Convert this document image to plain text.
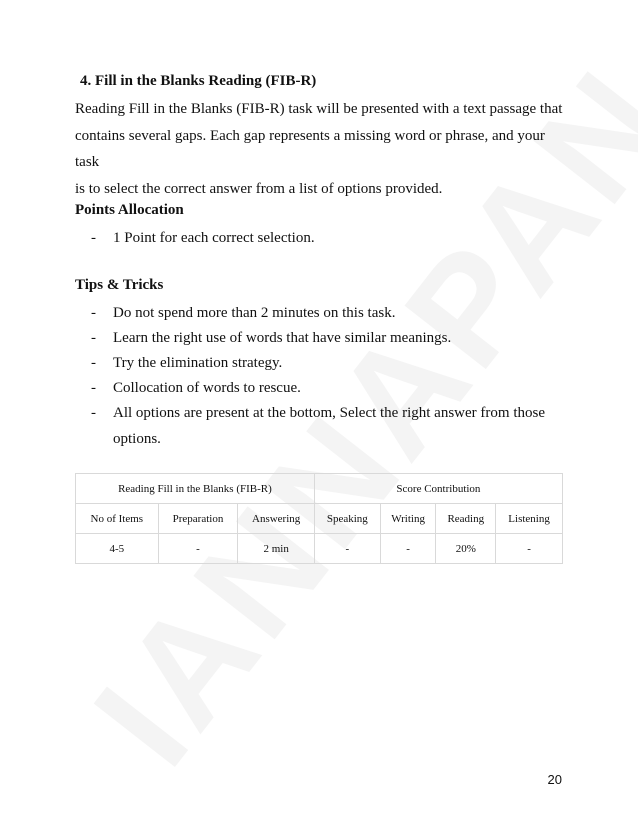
4. Fill in the Blanks Reading (FIB-R)
Reading Fill in the Blanks (FIB-R) task will be presented with a text passage that
contains several gaps. Each gap represents a missing word or phrase, and your task
is to select the correct answer from a list of options provided.
Points Allocation
- 1 Point for each correct selection.
Tips & Tricks
- Do not spend more than 2 minutes on this task.
- Learn the right use of words that have similar meanings.
- Try the elimination strategy.
- Collocation of words to rescue.
- All options are present at the bottom, Select the right answer from those
options.
Reading Fill in the Blanks (FIB-R)			Score Contribution			
No of Items	Preparation	Answering	Speaking	Writing	Reading	Listening
4-5	-	2 min	-	-	20%	-
20
